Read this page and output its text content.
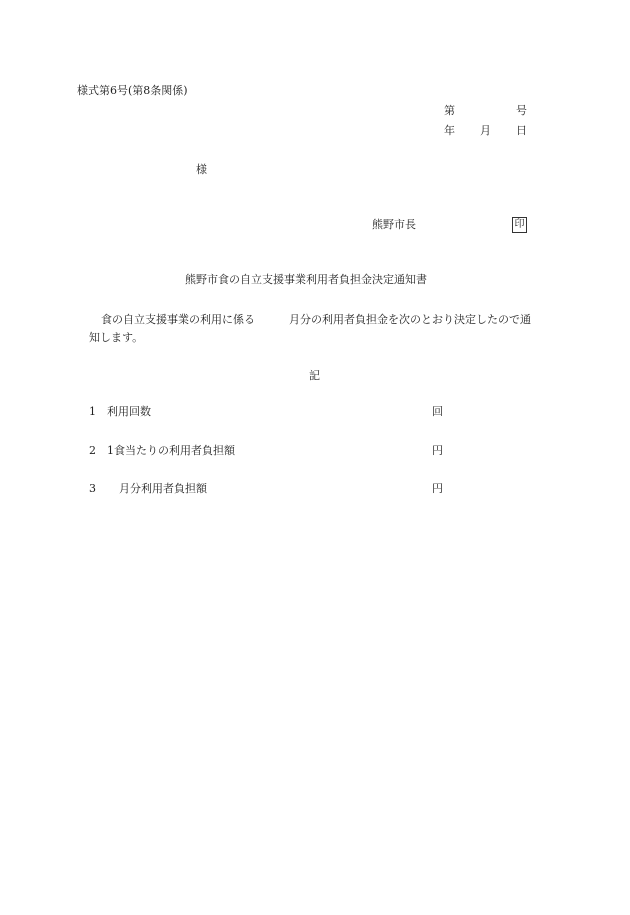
様式第6号(第8条関係)
第	号
年 月 日
様
熊野市長	印
熊野市食の自立支援事業利用者負担金決定通知書
食の自立支援事業の利用に係る	月分の利用者負担金を次のとおり決定したので通
知します。
記
1 利用回数	回
2 1食当たりの利用者負担額	円
3 月分利用者負担額	円
